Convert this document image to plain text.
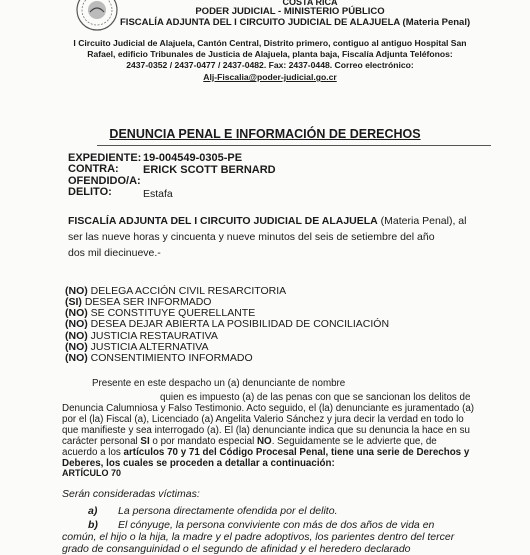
COSTA RICA
PODER JUDICIAL - MINISTERIO PÚBLICO
FISCALÍA ADJUNTA DEL I CIRCUITO JUDICIAL DE ALAJUELA (Materia Penal)
I Circuito Judicial de Alajuela, Cantón Central, Distrito primero, contiguo al antiguo Hospital San
Rafael, edificio Tribunales de Justicia de Alajuela, planta baja, Fiscalía Adjunta Teléfonos:
2437-0352 / 2437-0477 / 2437-0482. Fax: 2437-0448. Correo electrónico:
Alj-Fiscalia@poder-judicial.go.cr
DENUNCIA PENAL E INFORMACIÓN DE DERECHOS
EXPEDIENTE: 19-004549-0305-PE
CONTRA: ERICK SCOTT BERNARD
OFENDIDO/A:
DELITO:	Estafa
FISCALÍA ADJUNTA DEL I CIRCUITO JUDICIAL DE ALAJUELA (Materia Penal), al
ser las nueve horas y cincuenta y nueve minutos del seis de setiembre del año
dos mil diecinueve.-
(NO) DELEGA ACCIÓN CIVIL RESARCITORIA
(SI) DESEA SER INFORMADO
(NO) SE CONSTITUYE QUERELLANTE
(NO) DESEA DEJAR ABIERTA LA POSIBILIDAD DE CONCILIACIÓN
(NO) JUSTICIA RESTAURATIVA
(NO) JUSTICIA ALTERNATIVA
(NO) CONSENTIMIENTO INFORMADO
Presente en este despacho un (a) denunciante de nombre
quien es impuesto (a) de las penas con que se sancionan los delitos de
Denuncia Calumniosa y Falso Testimonio. Acto seguido, el (la) denunciante es juramentado (a)
por el (la) Fiscal (a), Licenciado (a) Angelita Valerio Sánchez y jura decir la verdad en todo lo
que manifieste y sea interrogado (a). El (la) denunciante indica que su denuncia la hace en su
carácter personal SI o por mandato especial NO. Seguidamente se le advierte que, de
acuerdo a los artículos 70 y 71 del Código Procesal Penal, tiene una serie de Derechos y
Deberes, los cuales se proceden a detallar a continuación:
ARTÍCULO 70
Serán consideradas víctimas:
a) La persona directamente ofendida por el delito.
b) El cónyuge, la persona conviviente con más de dos años de vida en
común, el hijo o la hija, la madre y el padre adoptivos, los parientes dentro del tercer
grado de consanguinidad o el segundo de afinidad y el heredero declarado
